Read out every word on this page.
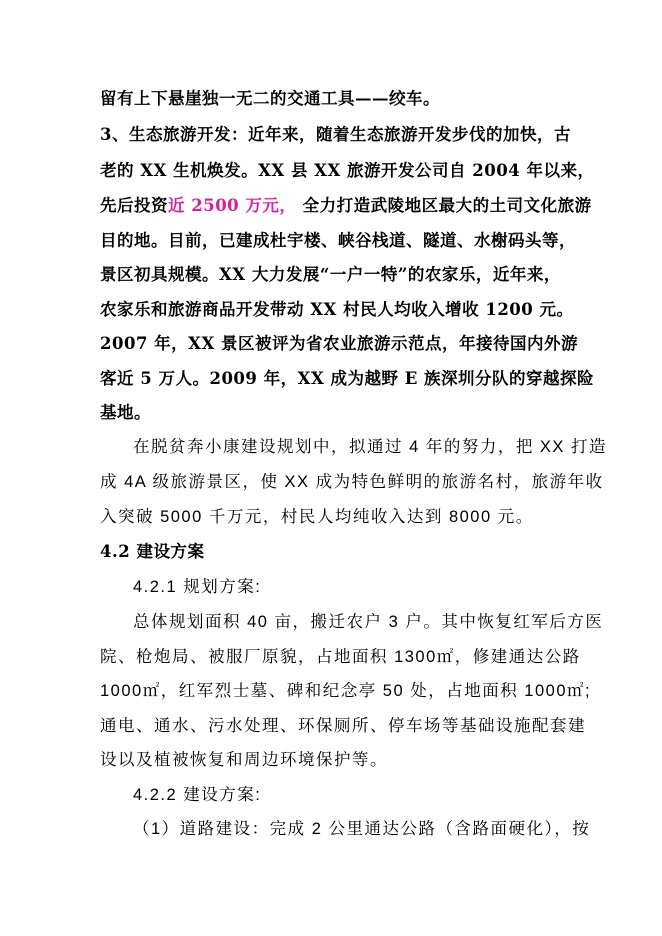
留有上下悬崖独一无二的交通工具——绞车。
3、生态旅游开发：近年来，随着生态旅游开发步伐的加快，古
老的 XX 生机焕发。XX 县 XX 旅游开发公司自 2004 年以来，
先后投资近 2500 万元， 全力打造武陵地区最大的土司文化旅游
目的地。目前，已建成杜宇楼、峡谷栈道、隧道、水榭码头等，
景区初具规模。XX 大力发展“一户一特”的农家乐，近年来，
农家乐和旅游商品开发带动 XX 村民人均收入增收 1200 元。
2007 年，XX 景区被评为省农业旅游示范点，年接待国内外游
客近 5 万人。2009 年，XX 成为越野 E 族深圳分队的穿越探险
基地。
在脱贫奔小康建设规划中，拟通过 4 年的努力，把 XX 打造
成 4A 级旅游景区，使 XX 成为特色鲜明的旅游名村，旅游年收
入突破 5000 千万元，村民人均纯收入达到 8000 元。
4.2 建设方案
4.2.1 规划方案:
总体规划面积 40 亩，搬迁农户 3 户。其中恢复红军后方医
院、枪炮局、被服厂原貌，占地面积 1300㎡，修建通达公路
1000㎡，红军烈士墓、碑和纪念亭 50 处，占地面积 1000㎡;
通电、通水、污水处理、环保厕所、停车场等基础设施配套建
设以及植被恢复和周边环境保护等。
4.2.2 建设方案:
（1）道路建设：完成 2 公里通达公路（含路面硬化），按
